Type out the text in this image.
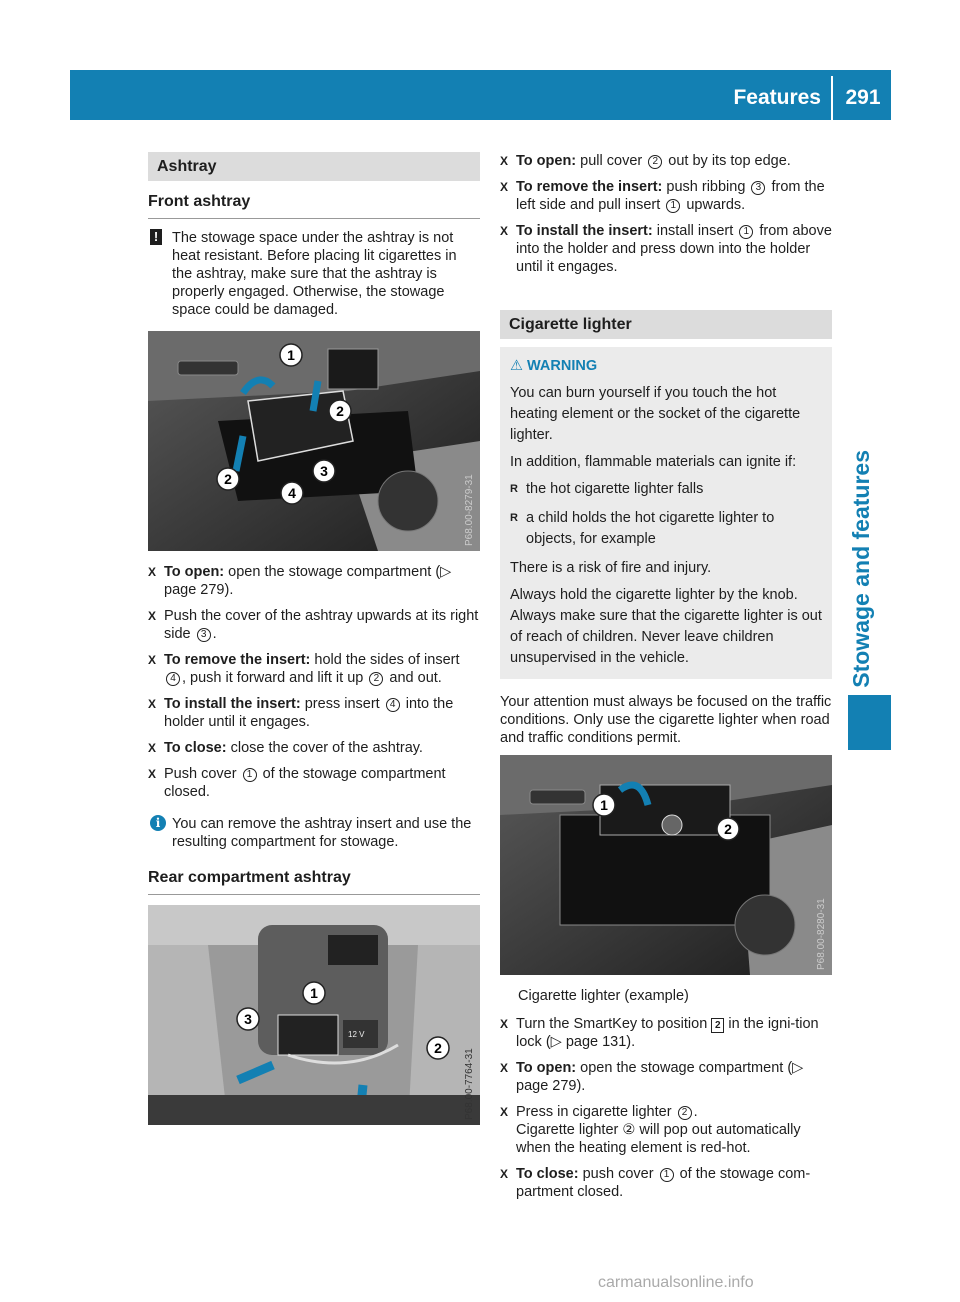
Features	291
Stowage and features
Ashtray
Front ashtray
! The stowage space under the ashtray is not heat resistant. Before placing lit cigarettes in the ashtray, make sure that the ashtray is properly engaged. Otherwise, the stowage space could be damaged.
1
2
2	3
4	P68.00-8279-31
X To open: open the stowage compartment (▷ page 279).
X Push the cover of the ashtray upwards at its right side 3 .
X To remove the insert: hold the sides of insert 4 , push it forward and lift it up 2 and out.
X To install the insert: press insert 4 into the holder until it engages.
X To close: close the cover of the ashtray.
X Push cover 1 of the stowage compartment closed.
i You can remove the ashtray insert and use the resulting compartment for stowage.
Rear compartment ashtray
12 V
1
2
3
P68.00-7764-31
X To open: pull cover 2 out by its top edge.
X To remove the insert: push ribbing 3 from the left side and pull insert 1 upwards.
X To install the insert: install insert 1 from above into the holder and press down into the holder until it engages.
Cigarette lighter
⚠ WARNING

You can burn yourself if you touch the hot heating element or the socket of the cigarette lighter.

In addition, flammable materials can ignite if:

R the hot cigarette lighter falls
R a child holds the hot cigarette lighter to objects, for example

There is a risk of fire and injury.

Always hold the cigarette lighter by the knob. Always make sure that the cigarette lighter is out of reach of children. Never leave children unsupervised in the vehicle.

Your attention must always be focused on the traffic conditions. Only use the cigarette lighter when road and traffic conditions permit.

1
2
P68.00-8280-31
Cigarette lighter (example)
X Turn the SmartKey to position 2 in the igni-tion lock (▷ page 131).
X To open: open the stowage compartment (▷ page 279).
X Press in cigarette lighter 2 .
Cigarette lighter ② will pop out automatically when the heating element is red-hot.
X To close: push cover 1 of the stowage com-partment closed.
carmanualsonline.info
